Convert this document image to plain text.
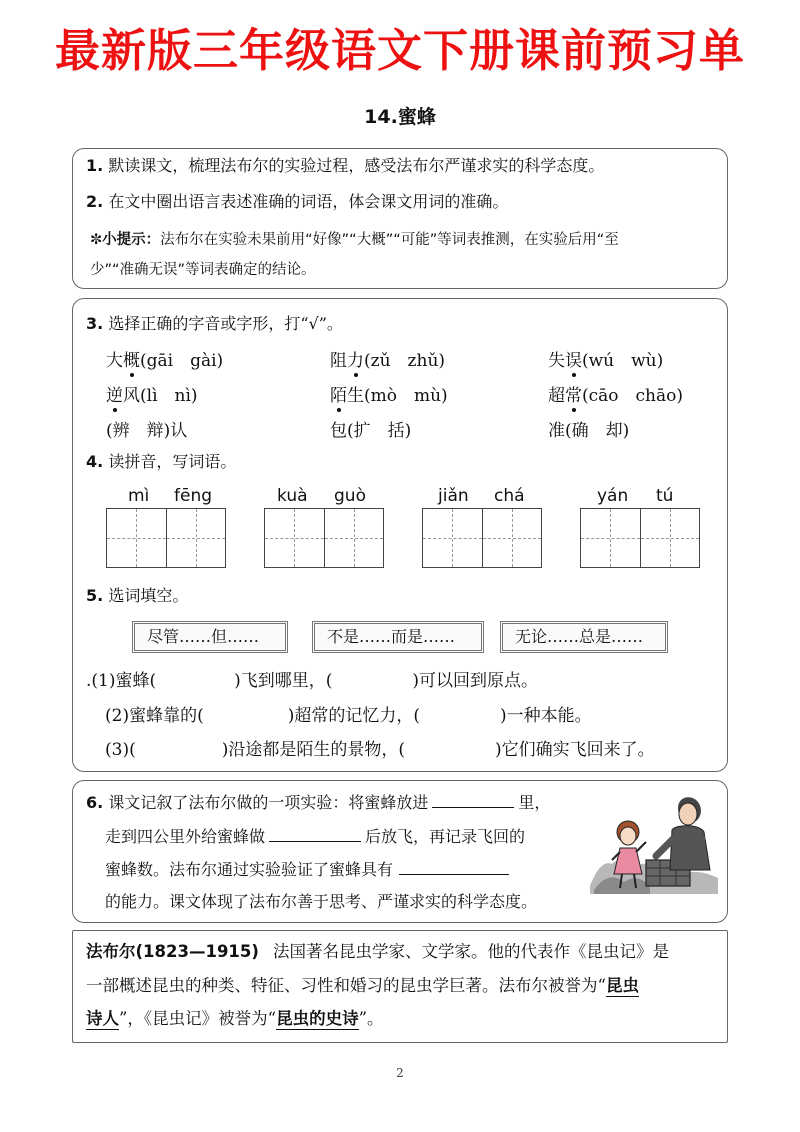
最新版三年级语文下册课前预习单
14.蜜蜂
1. 默读课文，梳理法布尔的实验过程，感受法布尔严谨求实的科学态度。
2. 在文中圈出语言表述准确的词语，体会课文用词的准确。
✼小提示：法布尔在实验未果前用“好像”“大概”“可能”等词表推测，在实验后用“至
少”“准确无误”等词表确定的结论。
3. 选择正确的字音或字形，打“√”。
大概(gāi　gài)	阻力(zǔ　zhǔ)	失误(wú　wù)
逆风(lì　nì)	陌生(mò　mù)	超常(cāo　chāo)
(辨　辩)认	包(扩　括)	准(确　却)
4. 读拼音，写词语。
mì fēng	kuà guò	jiǎn chá	yán tú
5. 选词填空。
尽管……但……	不是……而是……	无论……总是……
.(1)蜜蜂(	)飞到哪里，(	)可以回到原点。
(2)蜜蜂靠的(	)超常的记忆力，(	)一种本能。
(3)(	)沿途都是陌生的景物，(	)它们确实飞回来了。
6. 课文记叙了法布尔做的一项实验：将蜜蜂放进	里，
走到四公里外给蜜蜂做	后放飞，再记录飞回的
蜜蜂数。法布尔通过实验验证了蜜蜂具有
的能力。课文体现了法布尔善于思考、严谨求实的科学态度。
法布尔(1823—1915) 法国著名昆虫学家、文学家。他的代表作《昆虫记》是
一部概述昆虫的种类、特征、习性和婚习的昆虫学巨著。法布尔被誉为“昆虫
诗人”，《昆虫记》被誉为“昆虫的史诗”。
2
